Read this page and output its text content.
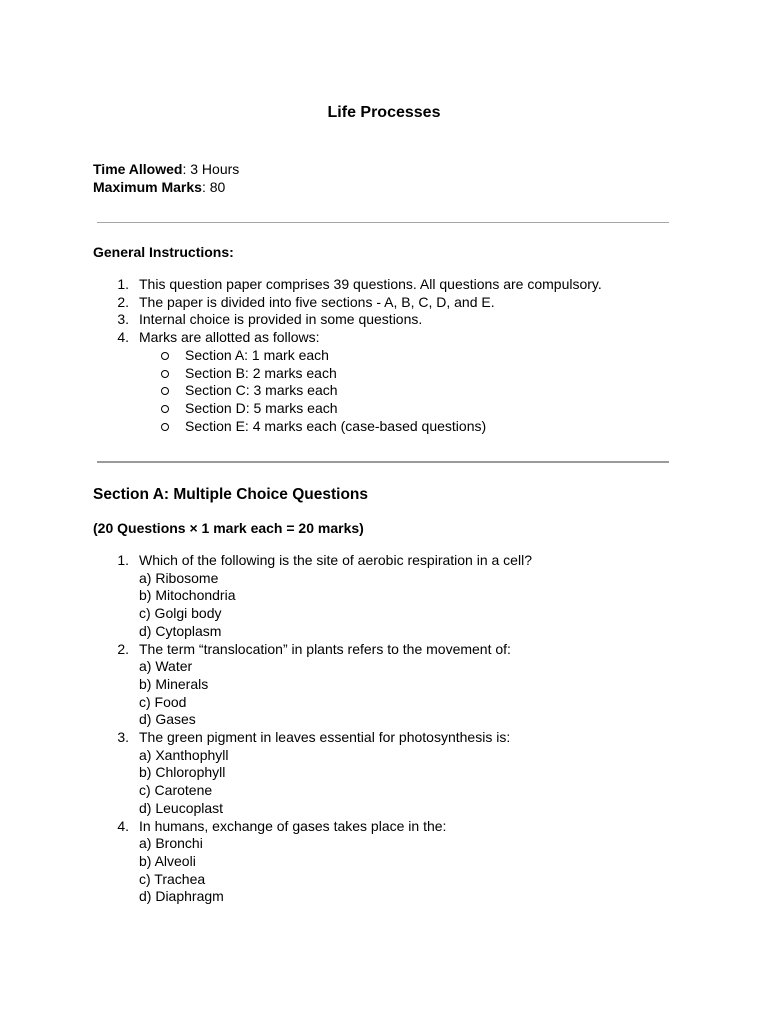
Life Processes
Time Allowed: 3 Hours
Maximum Marks: 80
General Instructions:
1. This question paper comprises 39 questions. All questions are compulsory.
2. The paper is divided into five sections - A, B, C, D, and E.
3. Internal choice is provided in some questions.
4. Marks are allotted as follows:
Section A: 1 mark each
Section B: 2 marks each
Section C: 3 marks each
Section D: 5 marks each
Section E: 4 marks each (case-based questions)
Section A: Multiple Choice Questions
(20 Questions × 1 mark each = 20 marks)
1. Which of the following is the site of aerobic respiration in a cell?
a) Ribosome
b) Mitochondria
c) Golgi body
d) Cytoplasm
2. The term “translocation” in plants refers to the movement of:
a) Water
b) Minerals
c) Food
d) Gases
3. The green pigment in leaves essential for photosynthesis is:
a) Xanthophyll
b) Chlorophyll
c) Carotene
d) Leucoplast
4. In humans, exchange of gases takes place in the:
a) Bronchi
b) Alveoli
c) Trachea
d) Diaphragm
